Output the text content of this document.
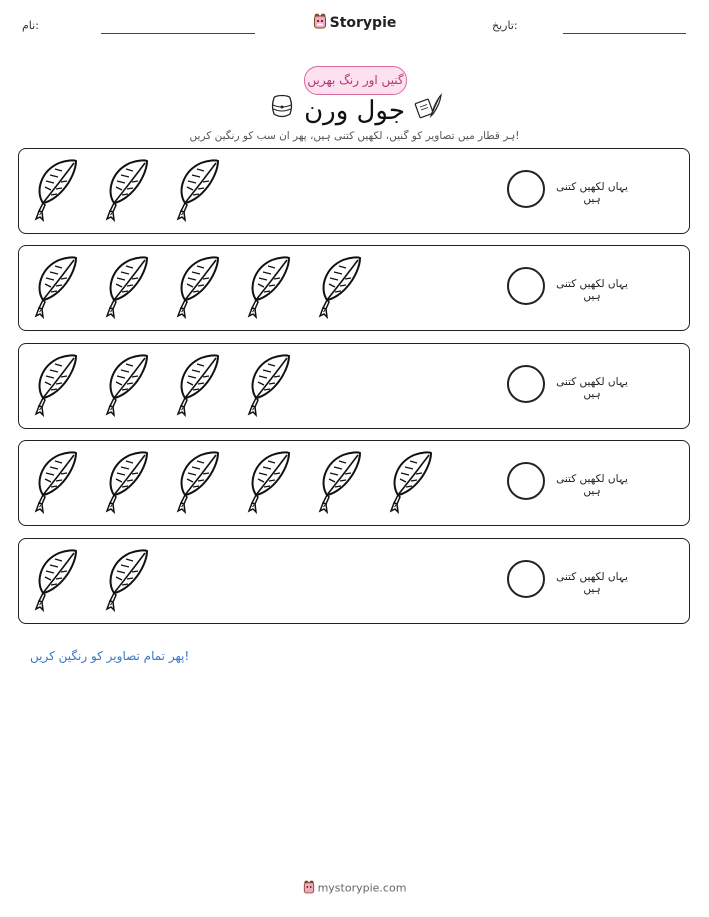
تاریخ:
Storypie
نام:
گنیں اور رنگ بھریں
جول ورن
ہر قطار میں تصاویر کو گنیں، لکھیں کتنی ہیں، پھر ان سب کو رنگین کریں!
یہاں لکھیں کتنی ہیں
یہاں لکھیں کتنی ہیں
یہاں لکھیں کتنی ہیں
یہاں لکھیں کتنی ہیں
یہاں لکھیں کتنی ہیں
پھر تمام تصاویر کو رنگین کریں!
mystorypie.com
